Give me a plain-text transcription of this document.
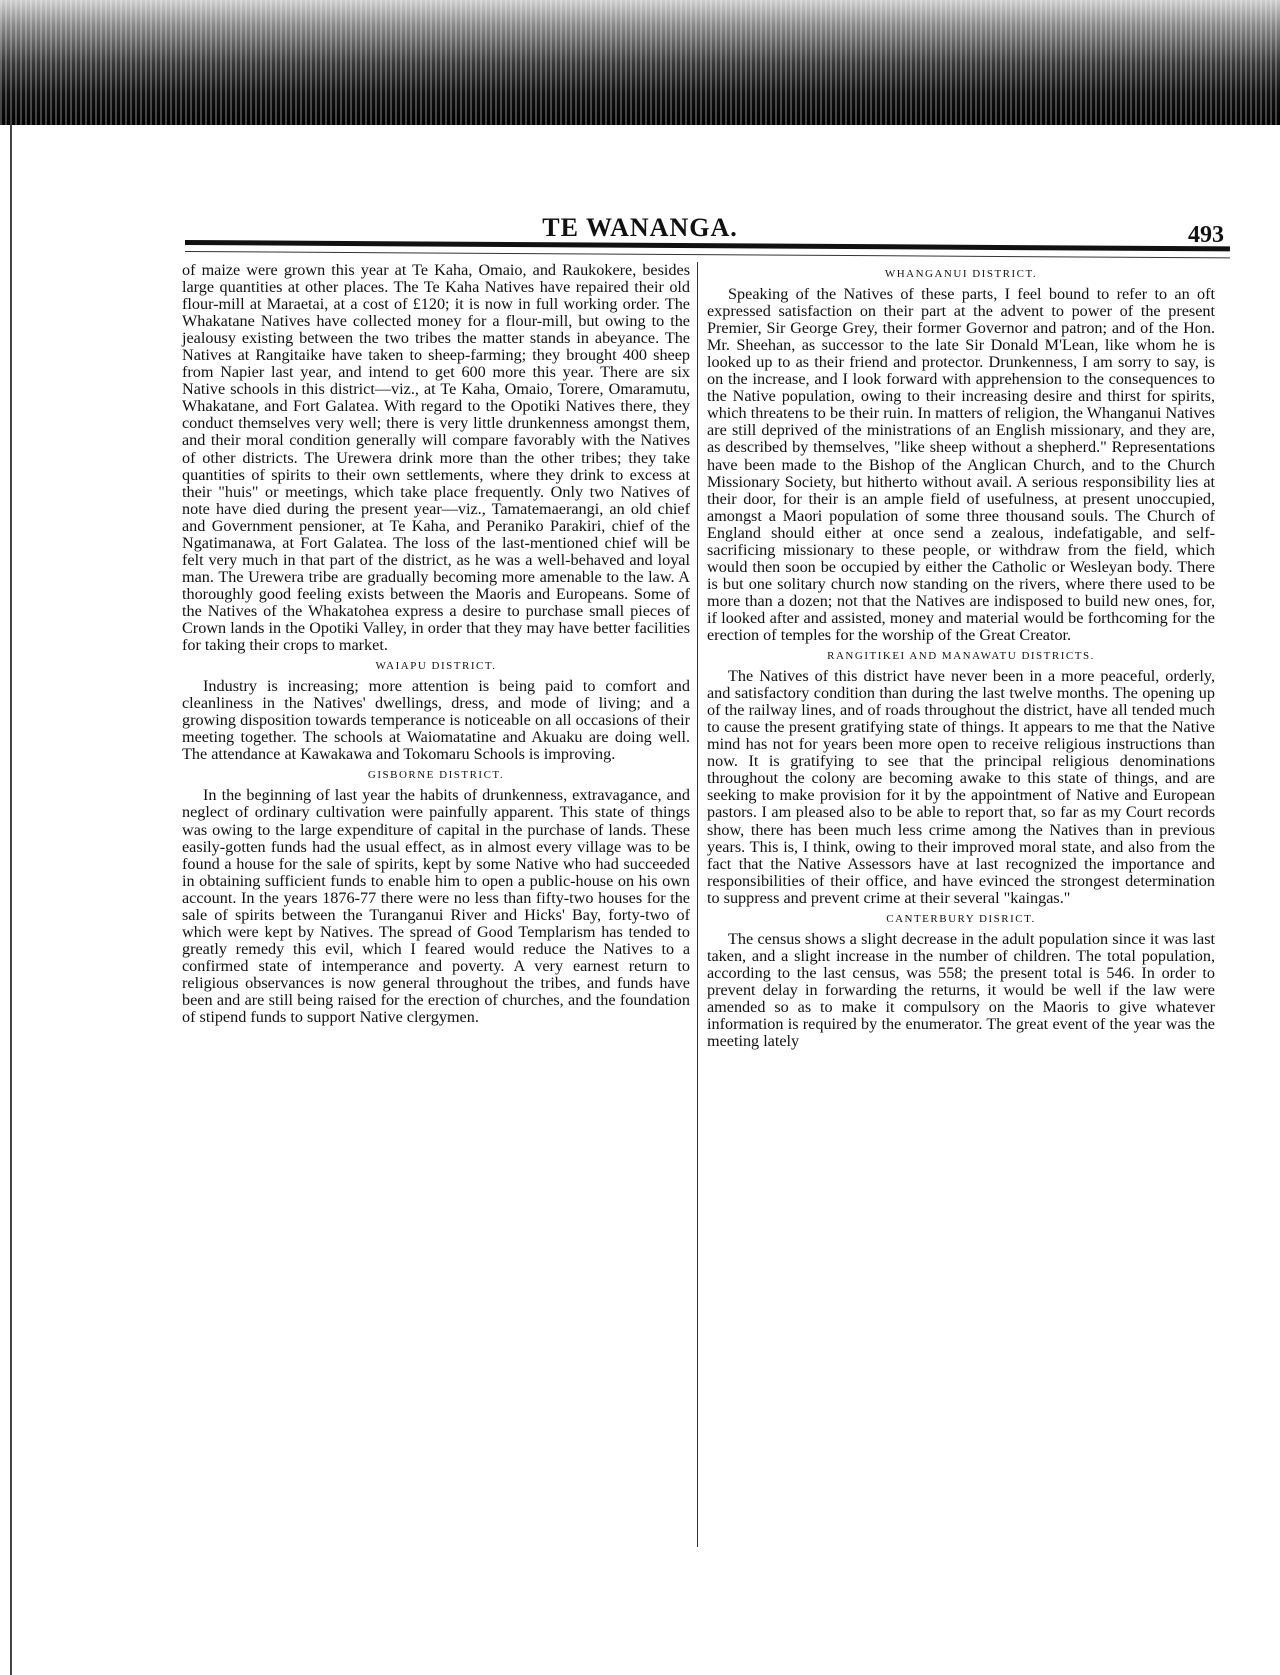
TE WANANGA.	493

of maize were grown this year at Te Kaha, Omaio, and Raukokere, besides large quantities at other places. The Te Kaha Natives have repaired their old flour-mill at Maraetai, at a cost of £120; it is now in full working order. The Whakatane Natives have collected money for a flour-mill, but owing to the jealousy existing between the two tribes the matter stands in abeyance. The Natives at Rangitaike have taken to sheep-farming; they brought 400 sheep from Napier last year, and intend to get 600 more this year. There are six Native schools in this district—viz., at Te Kaha, Omaio, Torere, Omaramutu, Whakatane, and Fort Galatea. With regard to the Opotiki Natives there, they conduct themselves very well; there is very little drunkenness amongst them, and their moral condition generally will compare favorably with the Natives of other districts. The Urewera drink more than the other tribes; they take quantities of spirits to their own settlements, where they drink to excess at their "huis" or meetings, which take place frequently. Only two Natives of note have died during the present year—viz., Tamatemaerangi, an old chief and Government pensioner, at Te Kaha, and Peraniko Parakiri, chief of the Ngatimanawa, at Fort Galatea. The loss of the last-mentioned chief will be felt very much in that part of the district, as he was a well-behaved and loyal man. The Urewera tribe are gradually becoming more amenable to the law. A thoroughly good feeling exists between the Maoris and Europeans. Some of the Natives of the Whakatohea express a desire to purchase small pieces of Crown lands in the Opotiki Valley, in order that they may have better facilities for taking their crops to market.

WAIAPU DISTRICT.

Industry is increasing; more attention is being paid to comfort and cleanliness in the Natives' dwellings, dress, and mode of living; and a growing disposition towards temperance is noticeable on all occasions of their meeting together. The schools at Waiomatatine and Akuaku are doing well. The attendance at Kawakawa and Tokomaru Schools is improving.

GISBORNE DISTRICT.

In the beginning of last year the habits of drunkenness, extravagance, and neglect of ordinary cultivation were painfully apparent. This state of things was owing to the large expenditure of capital in the purchase of lands. These easily-gotten funds had the usual effect, as in almost every village was to be found a house for the sale of spirits, kept by some Native who had succeeded in obtaining sufficient funds to enable him to open a public-house on his own account. In the years 1876-77 there were no less than fifty-two houses for the sale of spirits between the Turanganui River and Hicks' Bay, forty-two of which were kept by Natives. The spread of Good Templarism has tended to greatly remedy this evil, which I feared would reduce the Natives to a confirmed state of intemperance and poverty. A very earnest return to religious observances is now general throughout the tribes, and funds have been and are still being raised for the erection of churches, and the foundation of stipend funds to support Native clergymen.

WHANGANUI DISTRICT.

Speaking of the Natives of these parts, I feel bound to refer to an oft expressed satisfaction on their part at the advent to power of the present Premier, Sir George Grey, their former Governor and patron; and of the Hon. Mr. Sheehan, as successor to the late Sir Donald M'Lean, like whom he is looked up to as their friend and protector. Drunkenness, I am sorry to say, is on the increase, and I look forward with apprehension to the consequences to the Native population, owing to their increasing desire and thirst for spirits, which threatens to be their ruin. In matters of religion, the Whanganui Natives are still deprived of the ministrations of an English missionary, and they are, as described by themselves, "like sheep without a shepherd." Representations have been made to the Bishop of the Anglican Church, and to the Church Missionary Society, but hitherto without avail. A serious responsibility lies at their door, for their is an ample field of usefulness, at present unoccupied, amongst a Maori population of some three thousand souls. The Church of England should either at once send a zealous, indefatigable, and self-sacrificing missionary to these people, or withdraw from the field, which would then soon be occupied by either the Catholic or Wesleyan body. There is but one solitary church now standing on the rivers, where there used to be more than a dozen; not that the Natives are indisposed to build new ones, for, if looked after and assisted, money and material would be forthcoming for the erection of temples for the worship of the Great Creator.

RANGITIKEI AND MANAWATU DISTRICTS.

The Natives of this district have never been in a more peaceful, orderly, and satisfactory condition than during the last twelve months. The opening up of the railway lines, and of roads throughout the district, have all tended much to cause the present gratifying state of things. It appears to me that the Native mind has not for years been more open to receive religious instructions than now. It is gratifying to see that the principal religious denominations throughout the colony are becoming awake to this state of things, and are seeking to make provision for it by the appointment of Native and European pastors. I am pleased also to be able to report that, so far as my Court records show, there has been much less crime among the Natives than in previous years. This is, I think, owing to their improved moral state, and also from the fact that the Native Assessors have at last recognized the importance and responsibilities of their office, and have evinced the strongest determination to suppress and prevent crime at their several "kaingas."

CANTERBURY DISRICT.

The census shows a slight decrease in the adult population since it was last taken, and a slight increase in the number of children. The total population, according to the last census, was 558; the present total is 546. In order to prevent delay in forwarding the returns, it would be well if the law were amended so as to make it compulsory on the Maoris to give whatever information is required by the enumerator. The great event of the year was the meeting lately
